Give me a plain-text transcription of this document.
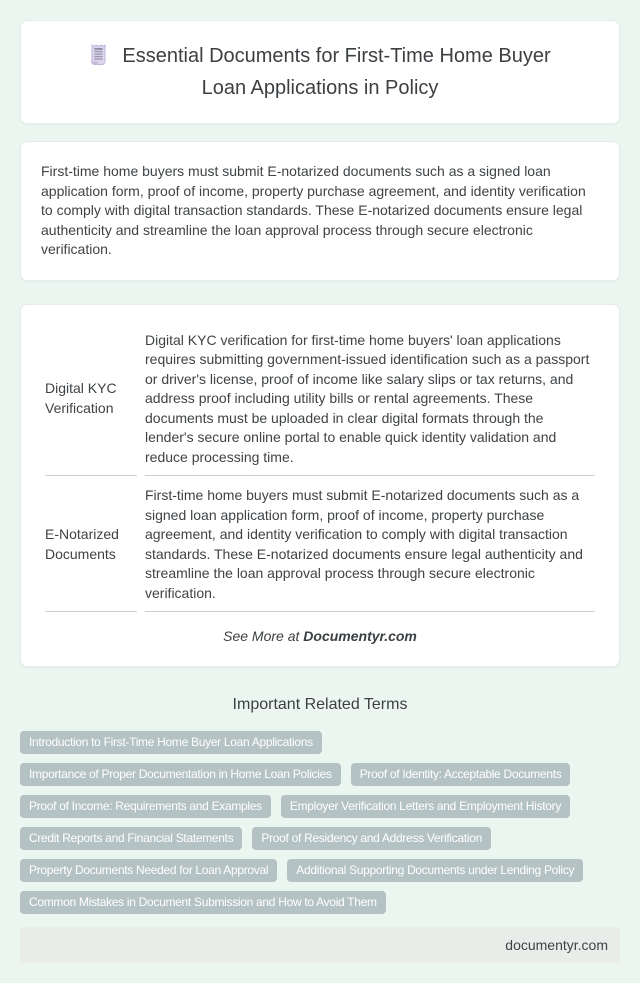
Essential Documents for First-Time Home Buyer Loan Applications in Policy

First-time home buyers must submit E-notarized documents such as a signed loan application form, proof of income, property purchase agreement, and identity verification to comply with digital transaction standards. These E-notarized documents ensure legal authenticity and streamline the loan approval process through secure electronic verification.

Digital KYC Verification	Digital KYC verification for first-time home buyers' loan applications requires submitting government-issued identification such as a passport or driver's license, proof of income like salary slips or tax returns, and address proof including utility bills or rental agreements. These documents must be uploaded in clear digital formats through the lender's secure online portal to enable quick identity validation and reduce processing time.
E-Notarized Documents	First-time home buyers must submit E-notarized documents such as a signed loan application form, proof of income, property purchase agreement, and identity verification to comply with digital transaction standards. These E-notarized documents ensure legal authenticity and streamline the loan approval process through secure electronic verification.

See More at Documentyr.com

Important Related Terms
Introduction to First-Time Home Buyer Loan Applications
Importance of Proper Documentation in Home Loan Policies	Proof of Identity: Acceptable Documents
Proof of Income: Requirements and Examples	Employer Verification Letters and Employment History
Credit Reports and Financial Statements	Proof of Residency and Address Verification
Property Documents Needed for Loan Approval	Additional Supporting Documents under Lending Policy
Common Mistakes in Document Submission and How to Avoid Them
documentyr.com
